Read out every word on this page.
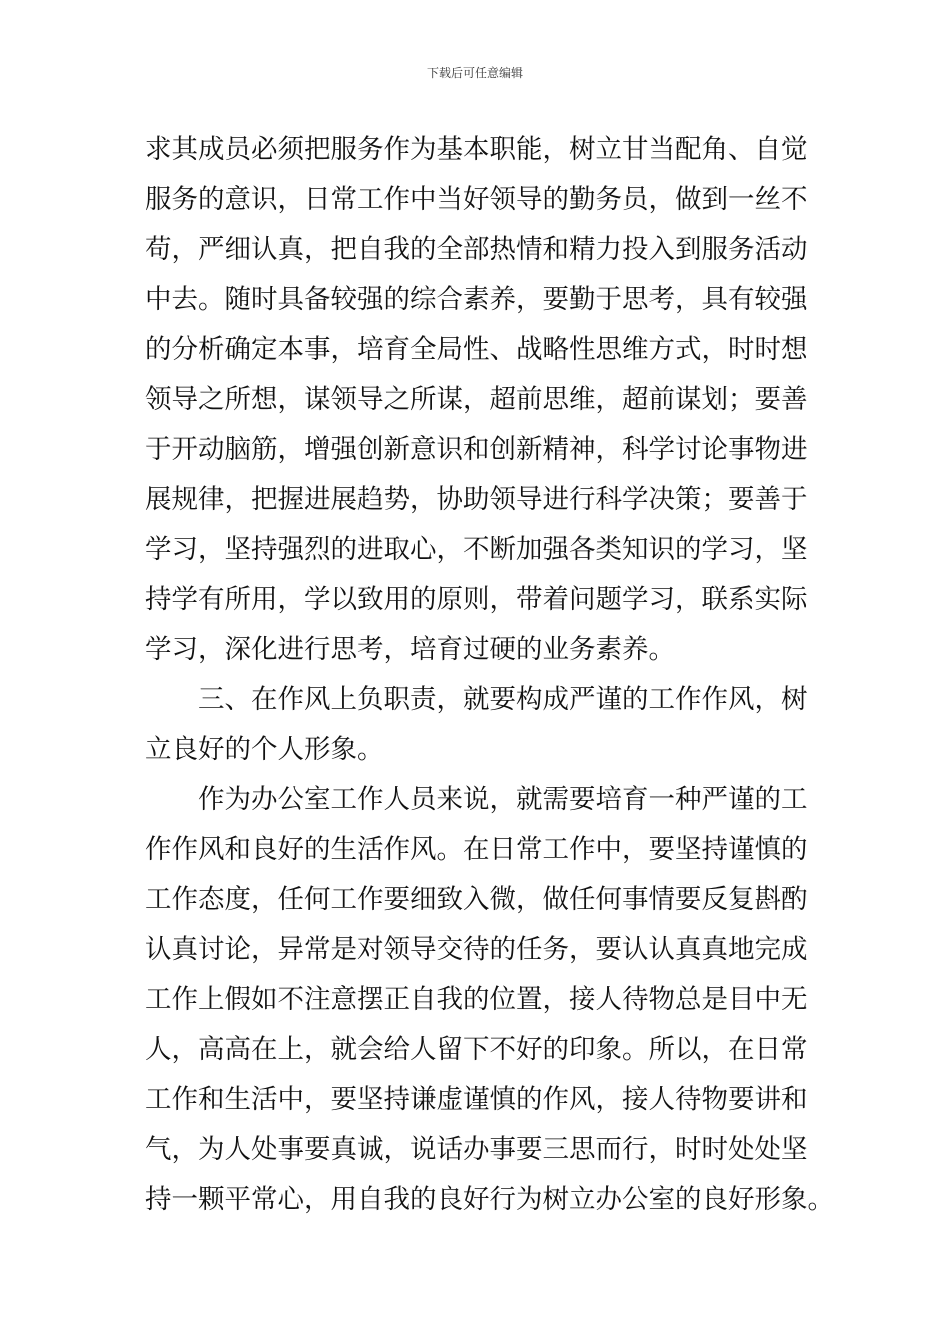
下载后可任意编辑
求其成员必须把服务作为基本职能，树立甘当配角、自觉
服务的意识，日常工作中当好领导的勤务员，做到一丝不
苟，严细认真，把自我的全部热情和精力投入到服务活动
中去。随时具备较强的综合素养，要勤于思考，具有较强
的分析确定本事，培育全局性、战略性思维方式，时时想
领导之所想，谋领导之所谋，超前思维，超前谋划；要善
于开动脑筋，增强创新意识和创新精神，科学讨论事物进
展规律，把握进展趋势，协助领导进行科学决策；要善于
学习，坚持强烈的进取心，不断加强各类知识的学习，坚
持学有所用，学以致用的原则，带着问题学习，联系实际
学习，深化进行思考，培育过硬的业务素养。
三、在作风上负职责，就要构成严谨的工作作风，树
立良好的个人形象。
作为办公室工作人员来说，就需要培育一种严谨的工
作作风和良好的生活作风。在日常工作中，要坚持谨慎的
工作态度，任何工作要细致入微，做任何事情要反复斟酌
认真讨论，异常是对领导交待的任务，要认认真真地完成
工作上假如不注意摆正自我的位置，接人待物总是目中无
人，高高在上，就会给人留下不好的印象。所以，在日常
工作和生活中，要坚持谦虚谨慎的作风，接人待物要讲和
气，为人处事要真诚，说话办事要三思而行，时时处处坚
持一颗平常心，用自我的良好行为树立办公室的良好形象。
